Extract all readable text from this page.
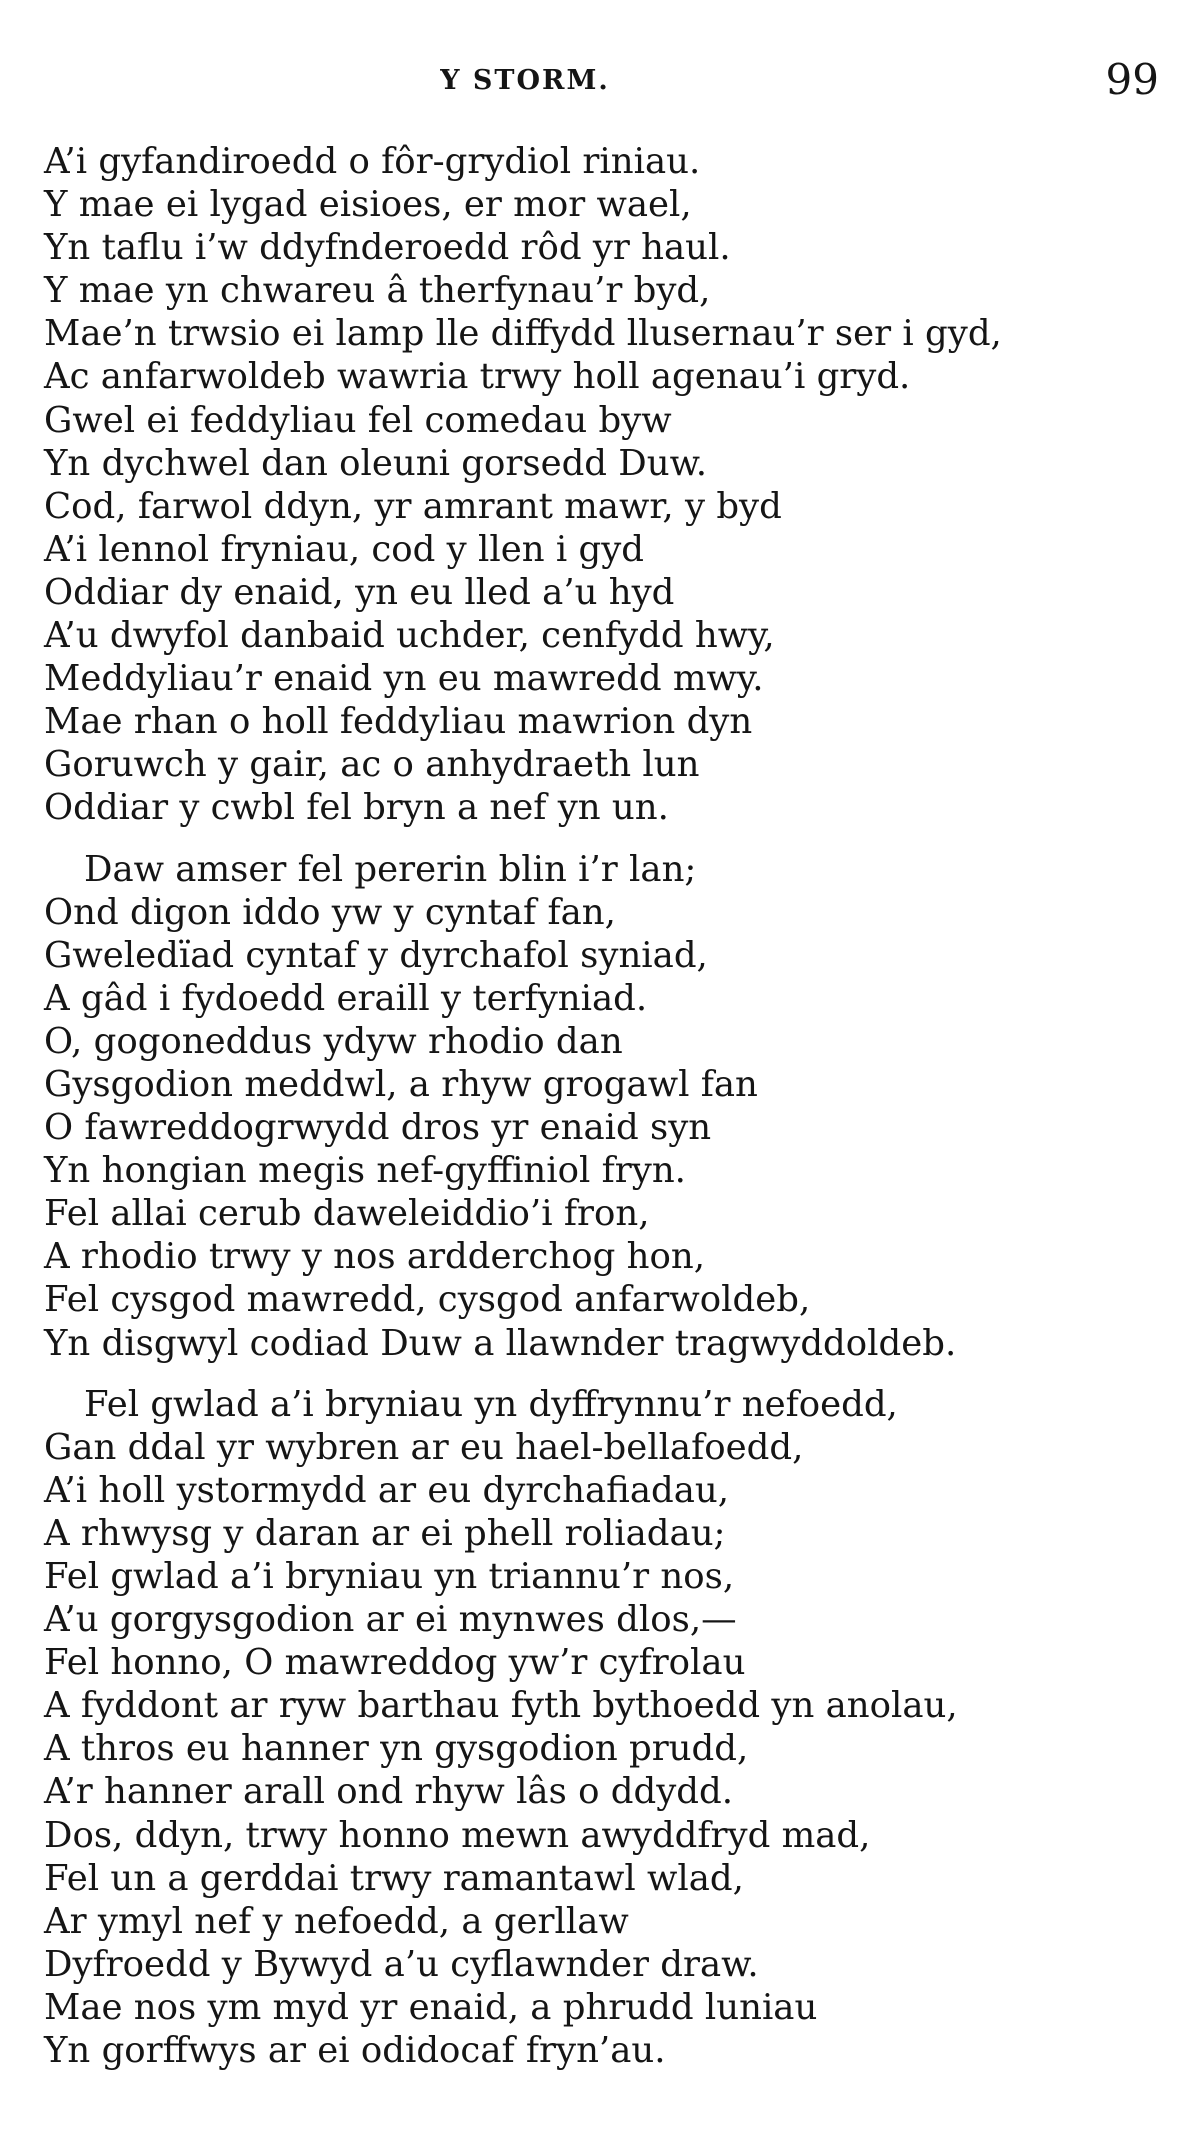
Y STORM.	99
A’i gyfandiroedd o fôr-grydiol riniau.
Y mae ei lygad eisioes, er mor wael,
Yn taflu i’w ddyfnderoedd rôd yr haul.
Y mae yn chwareu â therfynau’r byd,
Mae’n trwsio ei lamp lle diffydd llusernau’r ser i gyd,
Ac anfarwoldeb wawria trwy holl agenau’i gryd.
Gwel ei feddyliau fel comedau byw
Yn dychwel dan oleuni gorsedd Duw.
Cod, farwol ddyn, yr amrant mawr, y byd
A’i lennol fryniau, cod y llen i gyd
Oddiar dy enaid, yn eu lled a’u hyd
A’u dwyfol danbaid uchder, cenfydd hwy,
Meddyliau’r enaid yn eu mawredd mwy.
Mae rhan o holl feddyliau mawrion dyn
Goruwch y gair, ac o anhydraeth lun
Oddiar y cwbl fel bryn a nef yn un.
Daw amser fel pererin blin i’r lan;
Ond digon iddo yw y cyntaf fan,
Gweledïad cyntaf y dyrchafol syniad,
A gâd i fydoedd eraill y terfyniad.
O, gogoneddus ydyw rhodio dan
Gysgodion meddwl, a rhyw grogawl fan
O fawreddogrwydd dros yr enaid syn
Yn hongian megis nef-gyffiniol fryn.
Fel allai cerub daweleiddio’i fron,
A rhodio trwy y nos ardderchog hon,
Fel cysgod mawredd, cysgod anfarwoldeb,
Yn disgwyl codiad Duw a llawnder tragwyddoldeb.
Fel gwlad a’i bryniau yn dyffrynnu’r nefoedd,
Gan ddal yr wybren ar eu hael-bellafoedd,
A’i holl ystormydd ar eu dyrchafiadau,
A rhwysg y daran ar ei phell roliadau;
Fel gwlad a’i bryniau yn triannu’r nos,
A’u gorgysgodion ar ei mynwes dlos,—
Fel honno, O mawreddog yw’r cyfrolau
A fyddont ar ryw barthau fyth bythoedd yn anolau,
A thros eu hanner yn gysgodion prudd,
A’r hanner arall ond rhyw lâs o ddydd.
Dos, ddyn, trwy honno mewn awyddfryd mad,
Fel un a gerddai trwy ramantawl wlad,
Ar ymyl nef y nefoedd, a gerllaw
Dyfroedd y Bywyd a’u cyflawnder draw.
Mae nos ym myd yr enaid, a phrudd luniau
Yn gorffwys ar ei odidocaf fryn’au.
